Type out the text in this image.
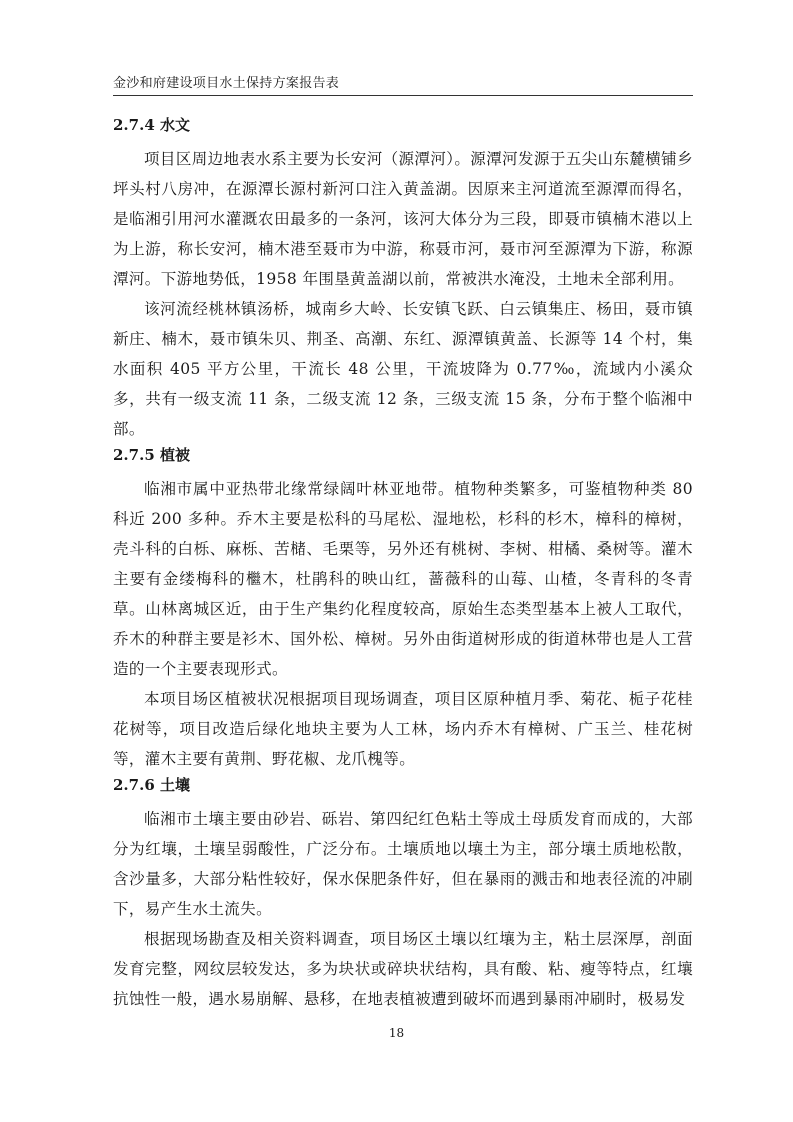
金沙和府建设项目水土保持方案报告表
2.7.4 水文

项目区周边地表水系主要为长安河（源潭河）。源潭河发源于五尖山东麓横铺乡坪头村八房冲，在源潭长源村新河口注入黄盖湖。因原来主河道流至源潭而得名，是临湘引用河水灌溉农田最多的一条河，该河大体分为三段，即聂市镇楠木港以上为上游，称长安河，楠木港至聂市为中游，称聂市河，聂市河至源潭为下游，称源潭河。下游地势低，1958 年围垦黄盖湖以前，常被洪水淹没，土地未全部利用。

该河流经桃林镇汤桥，城南乡大岭、长安镇飞跃、白云镇集庄、杨田，聂市镇新庄、楠木，聂市镇朱贝、荆圣、高潮、东红、源潭镇黄盖、长源等 14 个村，集水面积 405 平方公里，干流长 48 公里，干流坡降为 0.77‰，流域内小溪众多，共有一级支流 11 条，二级支流 12 条，三级支流 15 条，分布于整个临湘中部。

2.7.5 植被

临湘市属中亚热带北缘常绿阔叶林亚地带。植物种类繁多，可鉴植物种类 80 科近 200 多种。乔木主要是松科的马尾松、湿地松，杉科的杉木，樟科的樟树，壳斗科的白栎、麻栎、苦槠、毛栗等，另外还有桃树、李树、柑橘、桑树等。灌木主要有金缕梅科的檵木，杜鹃科的映山红，蔷薇科的山莓、山楂，冬青科的冬青草。山林离城区近，由于生产集约化程度较高，原始生态类型基本上被人工取代，乔木的种群主要是衫木、国外松、樟树。另外由街道树形成的街道林带也是人工营造的一个主要表现形式。

本项目场区植被状况根据项目现场调查，项目区原种植月季、菊花、栀子花桂花树等，项目改造后绿化地块主要为人工林，场内乔木有樟树、广玉兰、桂花树等，灌木主要有黄荆、野花椒、龙爪槐等。

2.7.6 土壤

临湘市土壤主要由砂岩、砾岩、第四纪红色粘土等成土母质发育而成的，大部分为红壤，土壤呈弱酸性，广泛分布。土壤质地以壤土为主，部分壤土质地松散，含沙量多，大部分粘性较好，保水保肥条件好，但在暴雨的溅击和地表径流的冲刷下，易产生水土流失。

根据现场勘查及相关资料调查，项目场区土壤以红壤为主，粘土层深厚，剖面发育完整，网纹层较发达，多为块状或碎块状结构，具有酸、粘、瘦等特点，红壤抗蚀性一般，遇水易崩解、悬移，在地表植被遭到破坏而遇到暴雨冲刷时，极易发

18
